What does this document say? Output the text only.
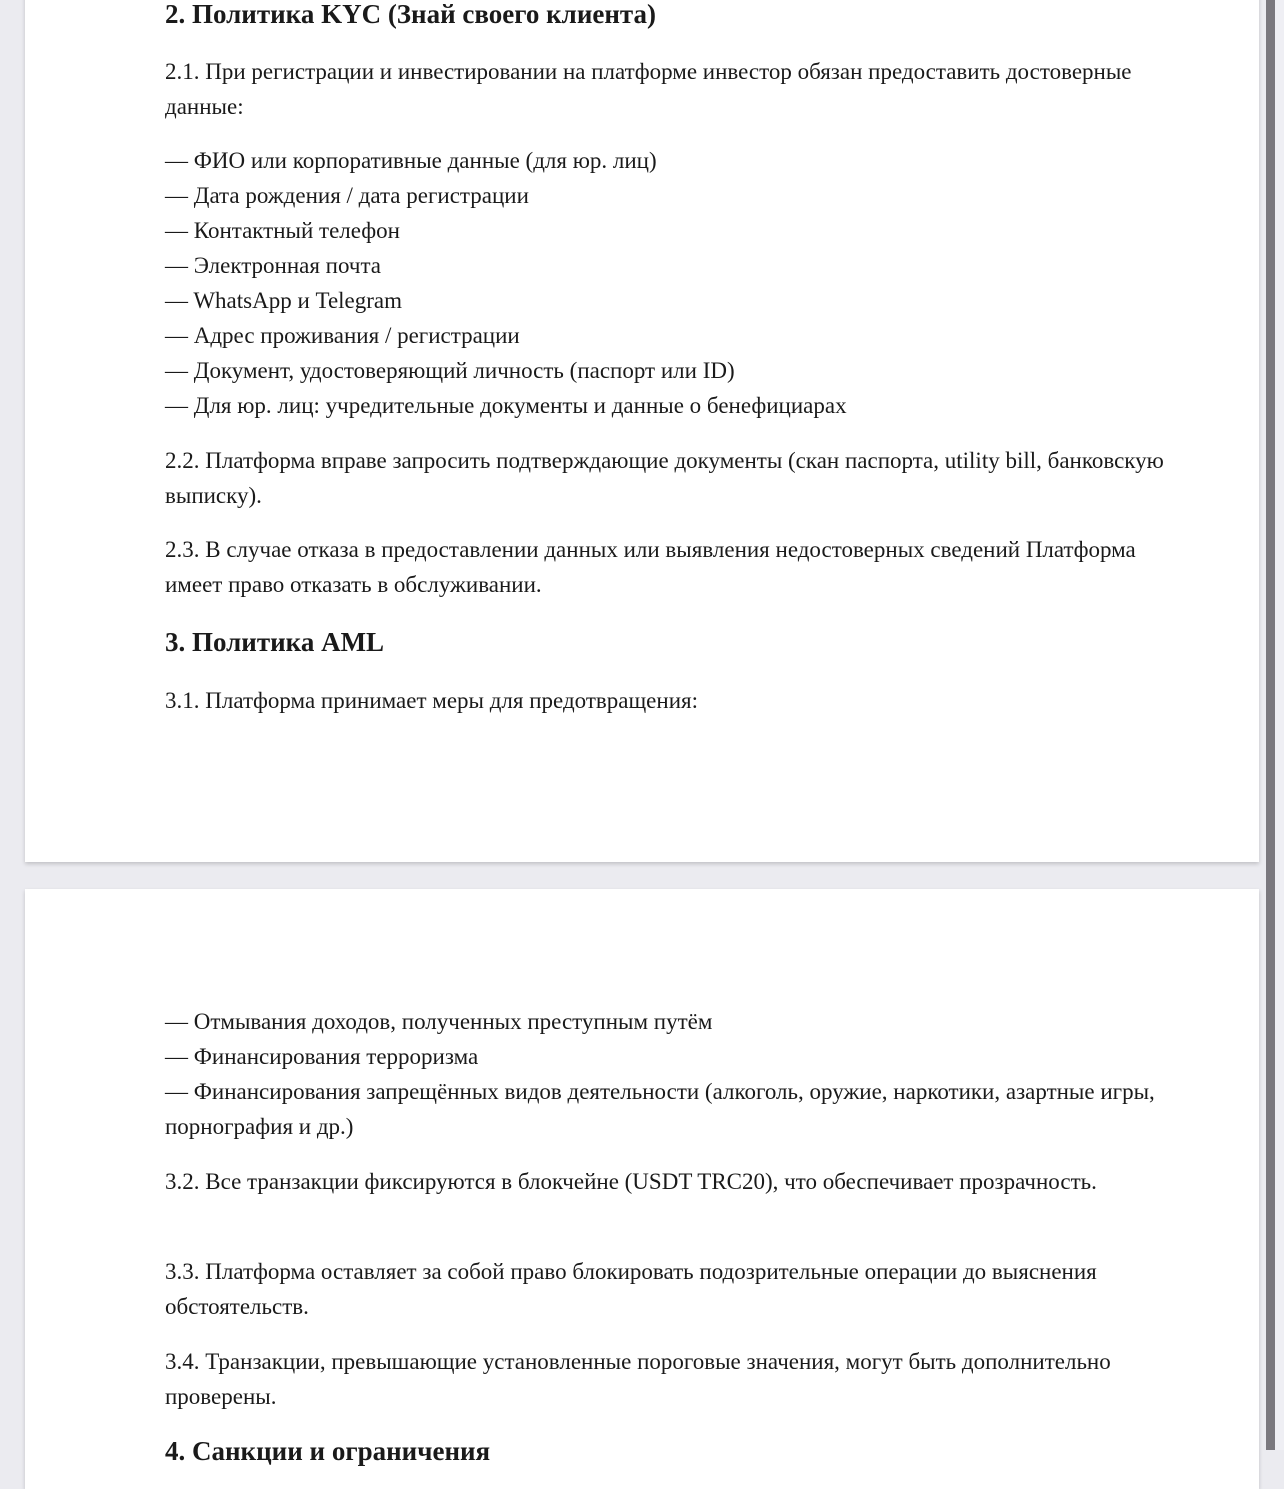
2. Политика KYC (Знай своего клиента)
2.1. При регистрации и инвестировании на платформе инвестор обязан предоставить достоверные данные:
— ФИО или корпоративные данные (для юр. лиц)
— Дата рождения / дата регистрации
— Контактный телефон
— Электронная почта
— WhatsApp и Telegram
— Адрес проживания / регистрации
— Документ, удостоверяющий личность (паспорт или ID)
— Для юр. лиц: учредительные документы и данные о бенефициарах
2.2. Платформа вправе запросить подтверждающие документы (скан паспорта, utility bill, банковскую выписку).
2.3. В случае отказа в предоставлении данных или выявления недостоверных сведений Платформа имеет право отказать в обслуживании.
3. Политика AML
3.1. Платформа принимает меры для предотвращения:
— Отмывания доходов, полученных преступным путём
— Финансирования терроризма
— Финансирования запрещённых видов деятельности (алкоголь, оружие, наркотики, азартные игры, порнография и др.)
3.2. Все транзакции фиксируются в блокчейне (USDT TRC20), что обеспечивает прозрачность.
3.3. Платформа оставляет за собой право блокировать подозрительные операции до выяснения обстоятельств.
3.4. Транзакции, превышающие установленные пороговые значения, могут быть дополнительно проверены.
4. Санкции и ограничения
